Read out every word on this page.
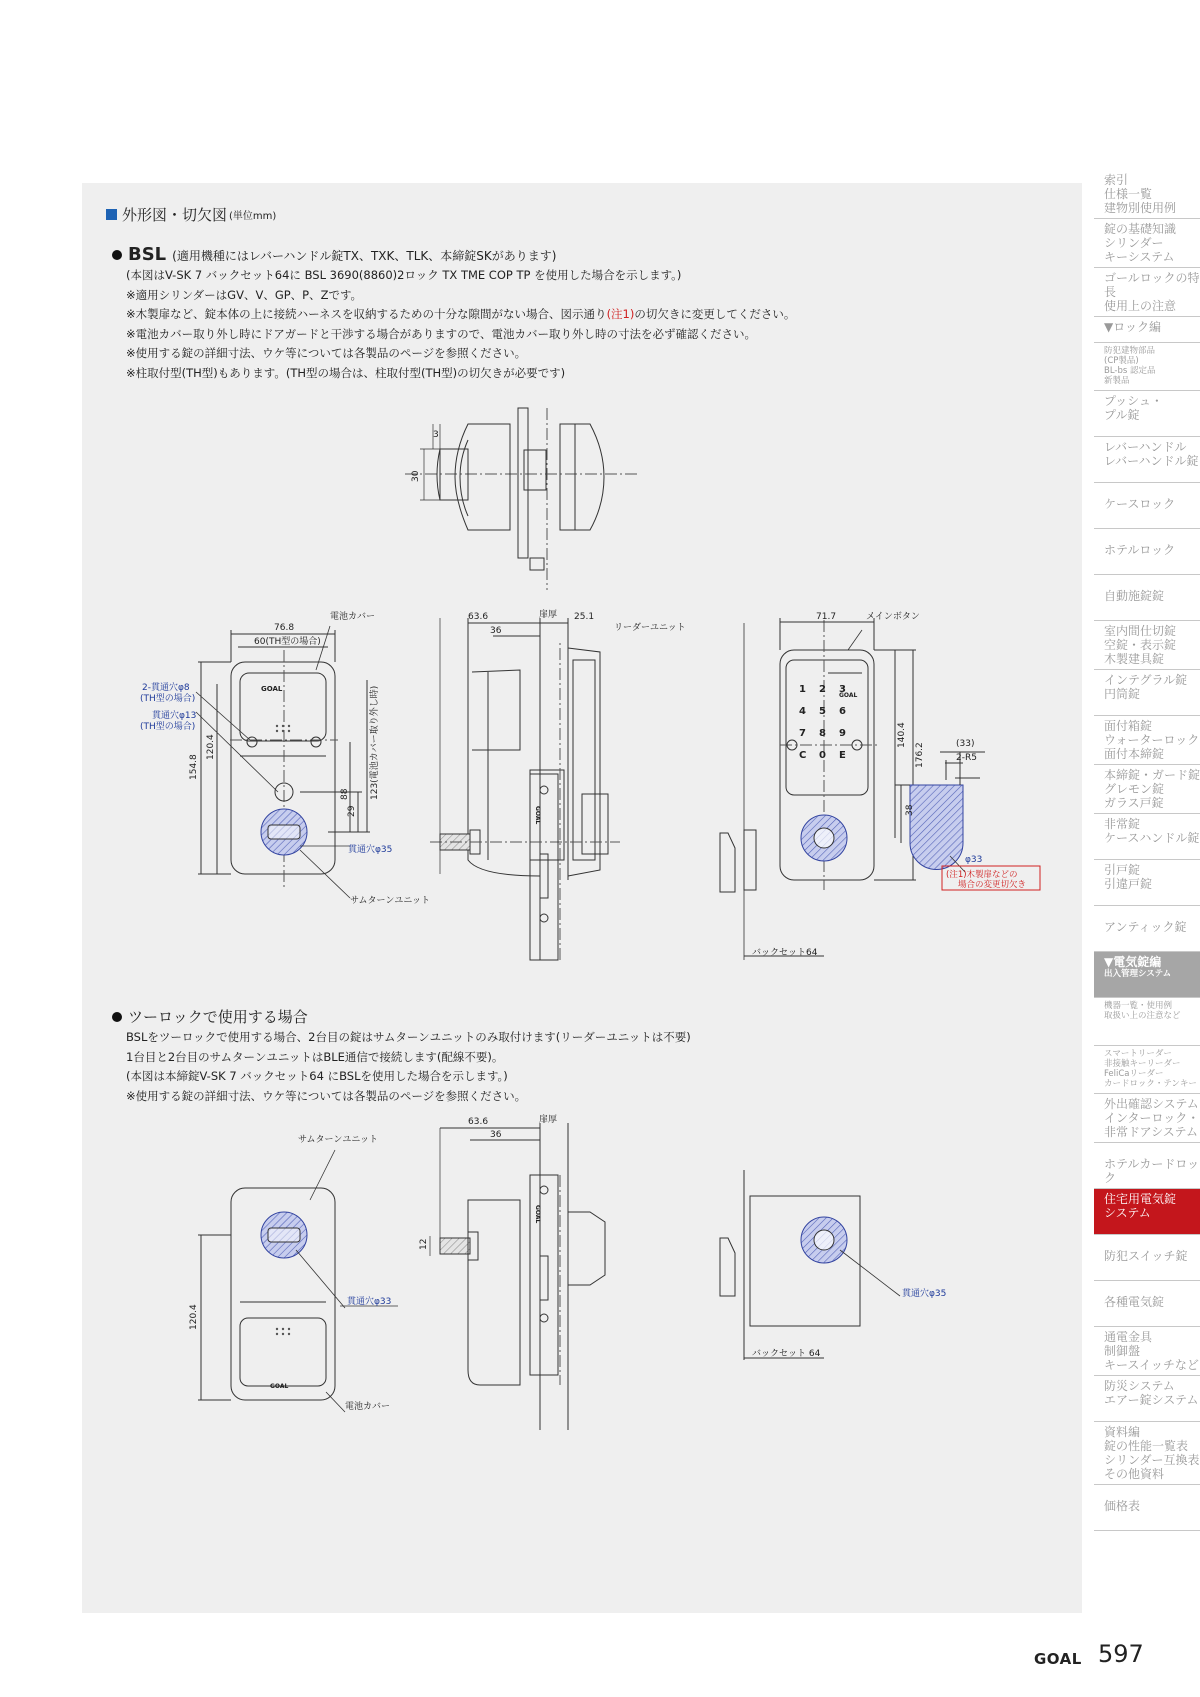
外形図・切欠図 (単位mm)
BSL (適用機種にはレバーハンドル錠TX、TXK、TLK、本締錠SKがあります)
(本図はV-SK 7 バックセット64に BSL 3690(8860)2ロック TX TME COP TP を使用した場合を示します。)
※適用シリンダーはGV、V、GP、P、Zです。
※木製扉など、錠本体の上に接続ハーネスを収納するための十分な隙間がない場合、図示通り(注1)の切欠きに変更してください。
※電池カバー取り外し時にドアガードと干渉する場合がありますので、電池カバー取り外し時の寸法を必ず確認ください。
※使用する錠の詳細寸法、ウケ等については各製品のページを参照ください。
※柱取付型(TH型)もあります。(TH型の場合は、柱取付型(TH型)の切欠きが必要です)
ツーロックで使用する場合
BSLをツーロックで使用する場合、2台目の錠はサムターンユニットのみ取付けます(リーダーユニットは不要)
1台目と2台目のサムターンユニットはBLE通信で接続します(配線不要)。
(本図は本締錠V-SK 7 バックセット64 にBSLを使用した場合を示します。)
※使用する錠の詳細寸法、ウケ等については各製品のページを参照ください。
電池カバー
76.8
60(TH型の場合)
2-貫通穴φ8
(TH型の場合)
貫通穴φ13
(TH型の場合)
154.8
120.4
88
29
123(電池カバー取り外し時)
貫通穴φ35
サムターンユニット
63.6
36
扉厚 25.1
リーダーユニット
71.7	メインボタン
140.4
176.2	(33)
2-R5
38
φ33
(注1)木製扉などの
場合の変更切欠き
バックセット64
3
30
GOAL
GOAL
GOAL
1 2 3
4 5 6
7 8 9
C 0 E
サムターンユニット
貫通穴φ33
120.4
電池カバー
63.6
36
扉厚
12
貫通穴φ35
バックセット 64
GOAL
GOAL
索引
仕様一覧
建物別使用例
錠の基礎知識
シリンダー
キーシステム
ゴールロックの特長
使用上の注意
▼ロック編
防犯建物部品
(CP製品)
BL-bs 認定品
新製品
プッシュ・
プル錠
レバーハンドル
レバーハンドル錠
ケースロック
ホテルロック
自動施錠錠
室内間仕切錠
空錠・表示錠
木製建具錠
インテグラル錠
円筒錠
面付箱錠
ウォーターロック
面付本締錠
本締錠・ガード錠
グレモン錠
ガラス戸錠
非常錠
ケースハンドル錠
引戸錠
引違戸錠
アンティック錠
▼電気錠編
出入管理システム
機器一覧・使用例
取扱い上の注意など
スマートリーダー
非接触キーリーダー
FeliCaリーダー
カードロック・テンキー
外出確認システム
インターロック・
非常ドアシステム
ホテルカードロック
住宅用電気錠
システム
防犯スイッチ錠
各種電気錠
通電金具
制御盤
キースイッチなど
防災システム
エアー錠システム
資料編
錠の性能一覧表
シリンダー互換表
その他資料
価格表
GOAL 597
